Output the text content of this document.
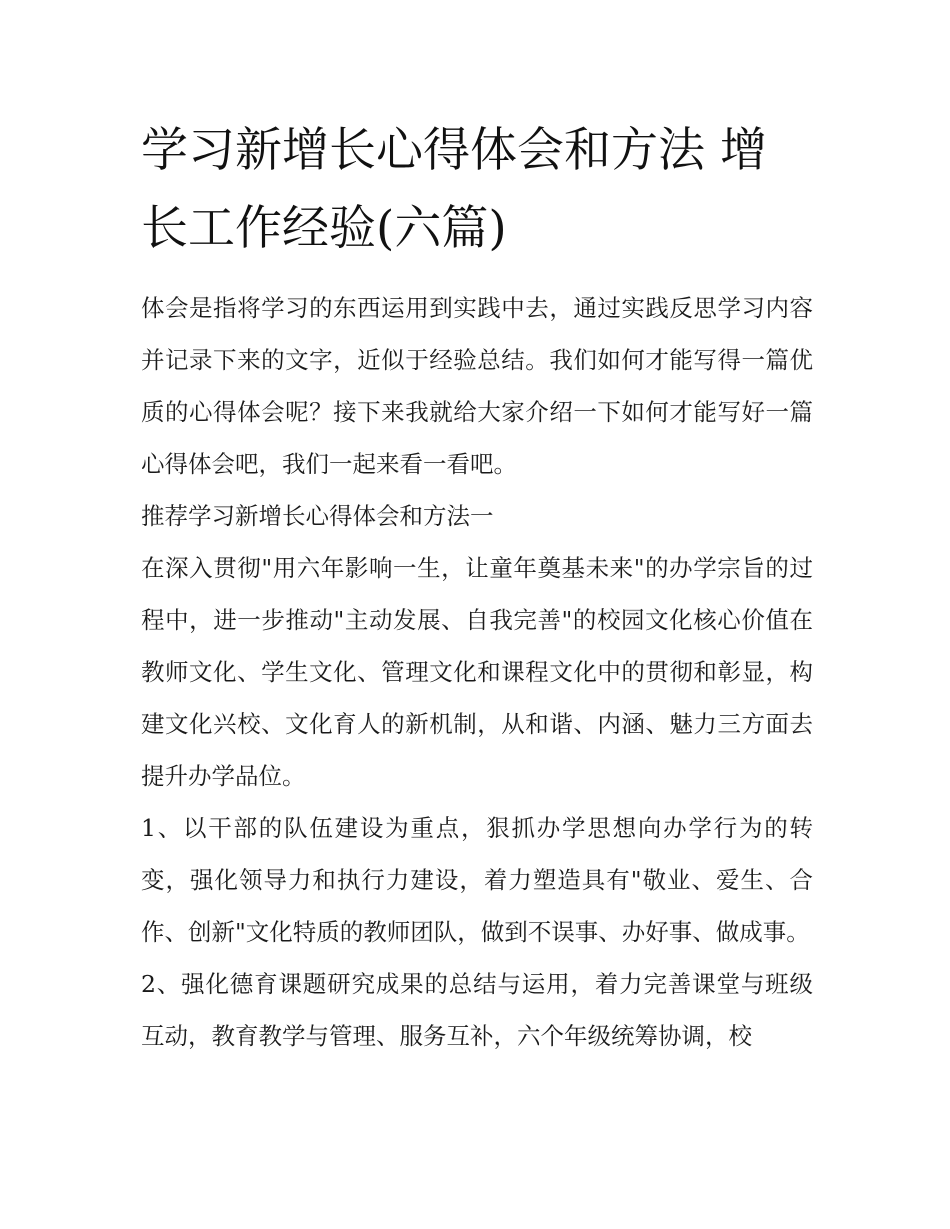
学习新增长心得体会和方法 增长工作经验(六篇)

体会是指将学习的东西运用到实践中去，通过实践反思学习内容并记录下来的文字，近似于经验总结。我们如何才能写得一篇优质的心得体会呢？接下来我就给大家介绍一下如何才能写好一篇心得体会吧，我们一起来看一看吧。

推荐学习新增长心得体会和方法一

在深入贯彻"用六年影响一生，让童年奠基未来"的办学宗旨的过程中，进一步推动"主动发展、自我完善"的校园文化核心价值在教师文化、学生文化、管理文化和课程文化中的贯彻和彰显，构建文化兴校、文化育人的新机制，从和谐、内涵、魅力三方面去提升办学品位。

1、以干部的队伍建设为重点，狠抓办学思想向办学行为的转变，强化领导力和执行力建设，着力塑造具有"敬业、爱生、合作、创新"文化特质的教师团队，做到不误事、办好事、做成事。

2、强化德育课题研究成果的总结与运用，着力完善课堂与班级互动，教育教学与管理、服务互补，六个年级统筹协调，校
